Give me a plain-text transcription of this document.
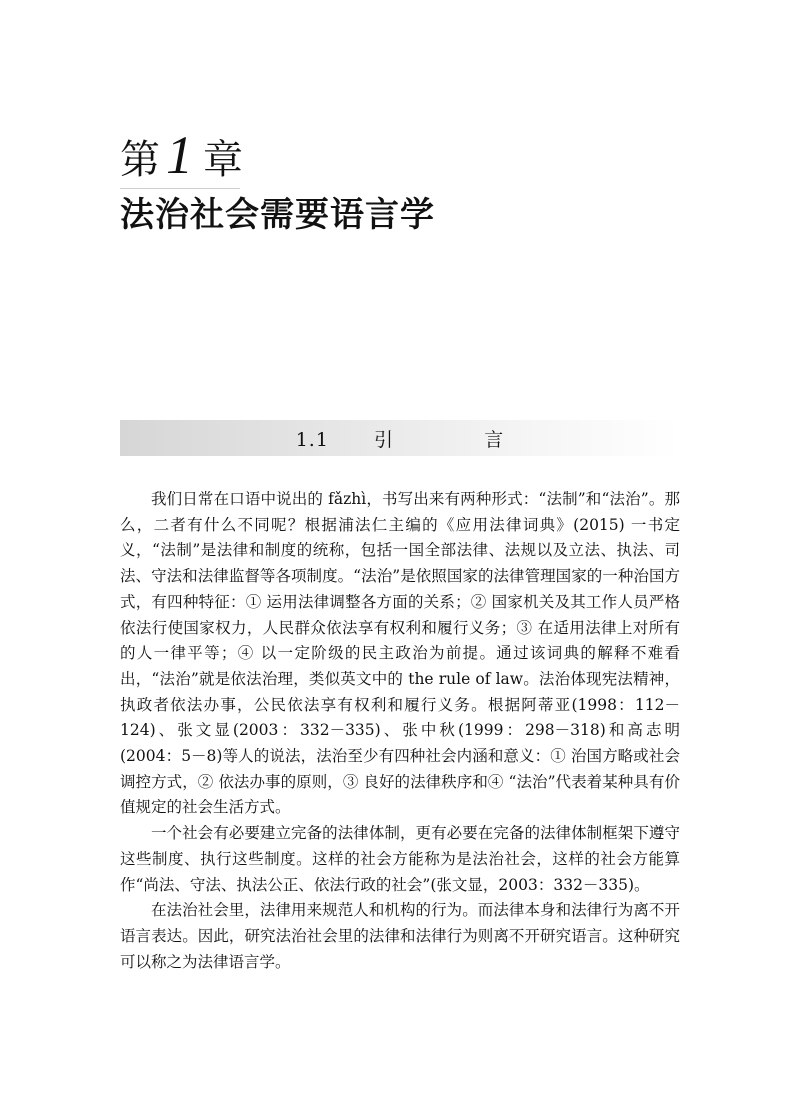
第 1 章
法治社会需要语言学
1.1   引      言

我们日常在口语中说出的 fǎzhì，书写出来有两种形式：“法制”和“法治”。那么，二者有什么不同呢？根据浦法仁主编的《应用法律词典》(2015) 一书定义，“法制”是法律和制度的统称，包括一国全部法律、法规以及立法、执法、司法、守法和法律监督等各项制度。“法治”是依照国家的法律管理国家的一种治国方式，有四种特征：① 运用法律调整各方面的关系；② 国家机关及其工作人员严格依法行使国家权力，人民群众依法享有权利和履行义务；③ 在适用法律上对所有的人一律平等；④ 以一定阶级的民主政治为前提。通过该词典的解释不难看出，“法治”就是依法治理，类似英文中的 the rule of law。法治体现宪法精神，执政者依法办事，公民依法享有权利和履行义务。根据阿蒂亚(1998：112－124)、张文显(2003：332－335)、张中秋(1999：298－318)和高志明(2004：5－8)等人的说法，法治至少有四种社会内涵和意义：① 治国方略或社会调控方式，② 依法办事的原则，③ 良好的法律秩序和④ “法治”代表着某种具有价值规定的社会生活方式。

一个社会有必要建立完备的法律体制，更有必要在完备的法律体制框架下遵守这些制度、执行这些制度。这样的社会方能称为是法治社会，这样的社会方能算作“尚法、守法、执法公正、依法行政的社会”(张文显，2003：332－335)。

在法治社会里，法律用来规范人和机构的行为。而法律本身和法律行为离不开语言表达。因此，研究法治社会里的法律和法律行为则离不开研究语言。这种研究可以称之为法律语言学。
